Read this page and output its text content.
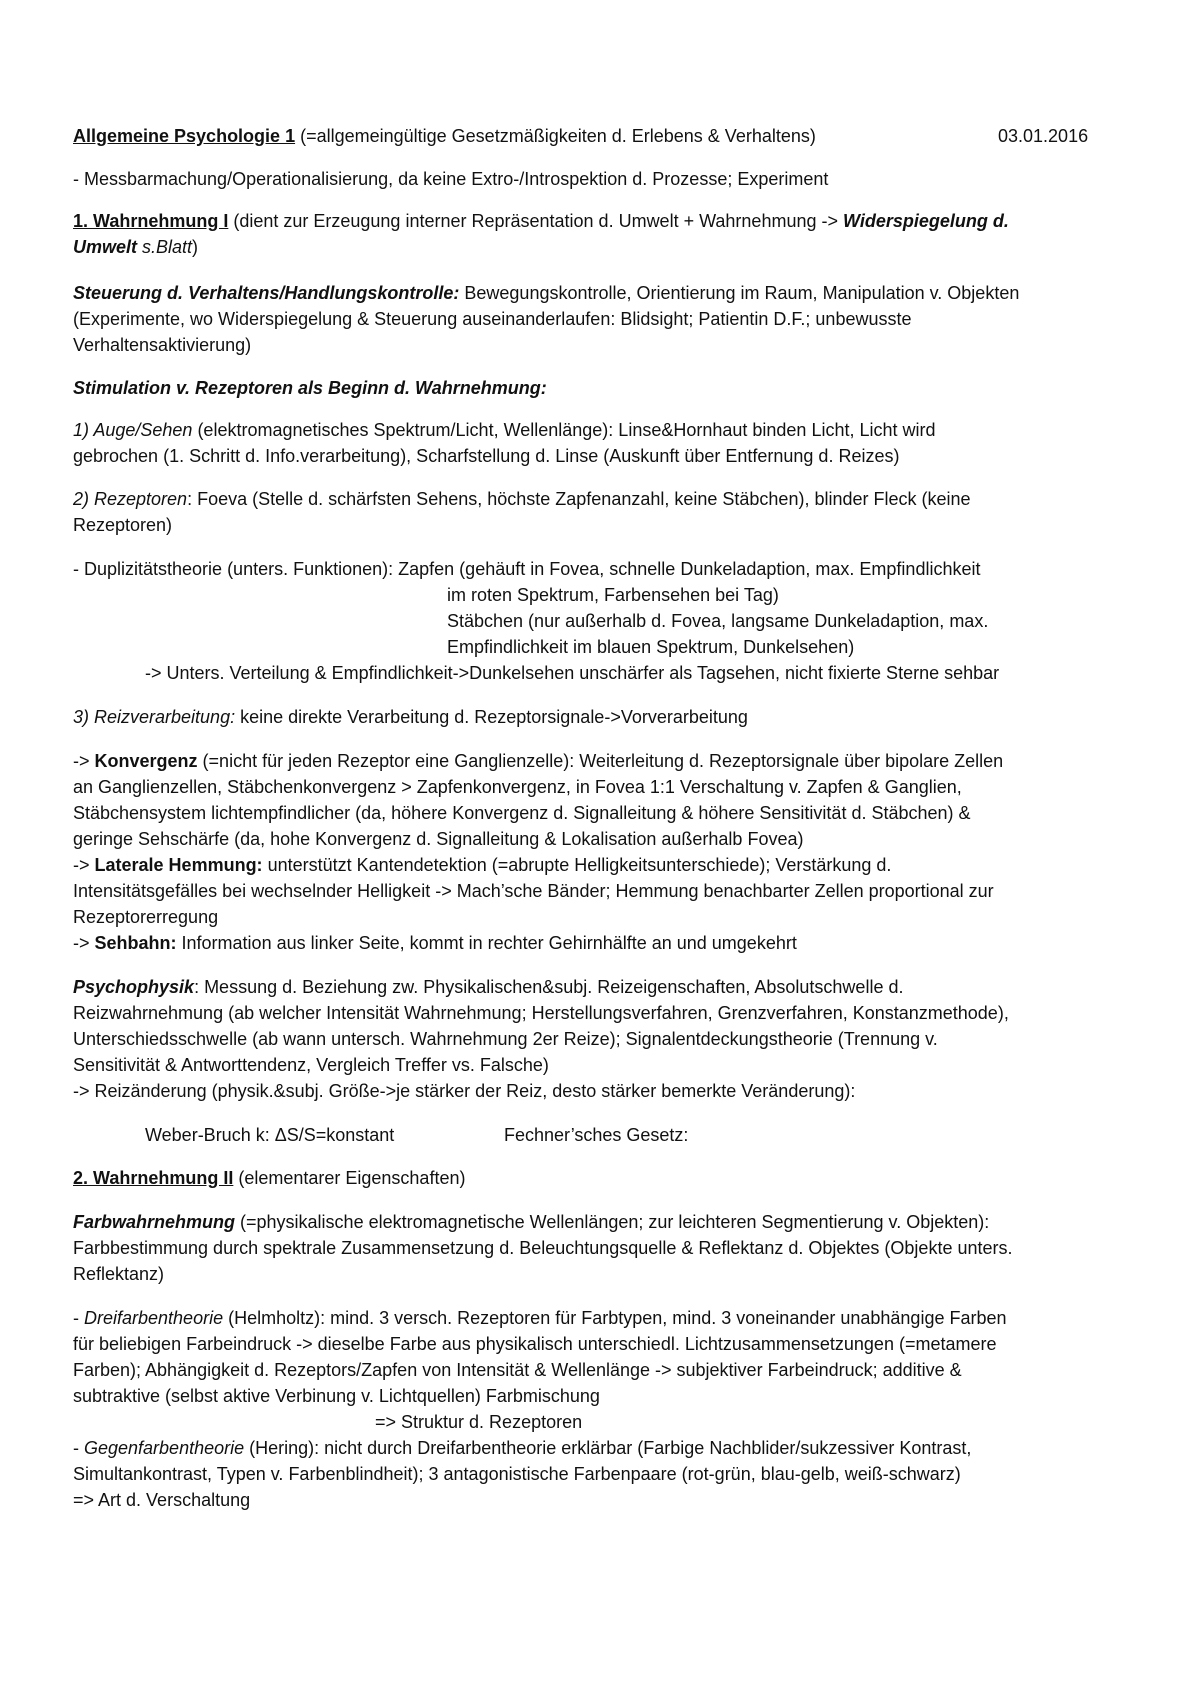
Allgemeine Psychologie 1 (=allgemeingültige Gesetzmäßigkeiten d. Erlebens & Verhaltens)	03.01.2016
- Messbarmachung/Operationalisierung, da keine Extro-/Introspektion d. Prozesse; Experiment
1. Wahrnehmung I (dient zur Erzeugung interner Repräsentation d. Umwelt + Wahrnehmung -> Widerspiegelung d.
Umwelt s.Blatt)
Steuerung d. Verhaltens/Handlungskontrolle: Bewegungskontrolle, Orientierung im Raum, Manipulation v. Objekten
(Experimente, wo Widerspiegelung & Steuerung auseinanderlaufen: Blidsight; Patientin D.F.; unbewusste
Verhaltensaktivierung)
Stimulation v. Rezeptoren als Beginn d. Wahrnehmung:
1) Auge/Sehen (elektromagnetisches Spektrum/Licht, Wellenlänge): Linse&Hornhaut binden Licht, Licht wird
gebrochen (1. Schritt d. Info.verarbeitung), Scharfstellung d. Linse (Auskunft über Entfernung d. Reizes)
2) Rezeptoren: Foeva (Stelle d. schärfsten Sehens, höchste Zapfenanzahl, keine Stäbchen), blinder Fleck (keine
Rezeptoren)
- Duplizitätstheorie (unters. Funktionen): Zapfen (gehäuft in Fovea, schnelle Dunkeladaption, max. Empfindlichkeit
im roten Spektrum, Farbensehen bei Tag)
Stäbchen (nur außerhalb d. Fovea, langsame Dunkeladaption, max.
Empfindlichkeit im blauen Spektrum, Dunkelsehen)
-> Unters. Verteilung & Empfindlichkeit->Dunkelsehen unschärfer als Tagsehen, nicht fixierte Sterne sehbar
3) Reizverarbeitung: keine direkte Verarbeitung d. Rezeptorsignale->Vorverarbeitung
-> Konvergenz (=nicht für jeden Rezeptor eine Ganglienzelle): Weiterleitung d. Rezeptorsignale über bipolare Zellen
an Ganglienzellen, Stäbchenkonvergenz > Zapfenkonvergenz, in Fovea 1:1 Verschaltung v. Zapfen & Ganglien,
Stäbchensystem lichtempfindlicher (da, höhere Konvergenz d. Signalleitung & höhere Sensitivität d. Stäbchen) &
geringe Sehschärfe (da, hohe Konvergenz d. Signalleitung & Lokalisation außerhalb Fovea)
-> Laterale Hemmung: unterstützt Kantendetektion (=abrupte Helligkeitsunterschiede); Verstärkung d.
Intensitätsgefälles bei wechselnder Helligkeit -> Mach’sche Bänder; Hemmung benachbarter Zellen proportional zur
Rezeptorerregung
-> Sehbahn: Information aus linker Seite, kommt in rechter Gehirnhälfte an und umgekehrt
Psychophysik: Messung d. Beziehung zw. Physikalischen&subj. Reizeigenschaften, Absolutschwelle d.
Reizwahrnehmung (ab welcher Intensität Wahrnehmung; Herstellungsverfahren, Grenzverfahren, Konstanzmethode),
Unterschiedsschwelle (ab wann untersch. Wahrnehmung 2er Reize); Signalentdeckungstheorie (Trennung v.
Sensitivität & Antworttendenz, Vergleich Treffer vs. Falsche)
-> Reizänderung (physik.&subj. Größe->je stärker der Reiz, desto stärker bemerkte Veränderung):
Weber-Bruch k: ΔS/S=konstant	Fechner’sches Gesetz:
2. Wahrnehmung II (elementarer Eigenschaften)
Farbwahrnehmung (=physikalische elektromagnetische Wellenlängen; zur leichteren Segmentierung v. Objekten):
Farbbestimmung durch spektrale Zusammensetzung d. Beleuchtungsquelle & Reflektanz d. Objektes (Objekte unters.
Reflektanz)
- Dreifarbentheorie (Helmholtz): mind. 3 versch. Rezeptoren für Farbtypen, mind. 3 voneinander unabhängige Farben
für beliebigen Farbeindruck -> dieselbe Farbe aus physikalisch unterschiedl. Lichtzusammensetzungen (=metamere
Farben); Abhängigkeit d. Rezeptors/Zapfen von Intensität & Wellenlänge -> subjektiver Farbeindruck; additive &
subtraktive (selbst aktive Verbinung v. Lichtquellen) Farbmischung
=> Struktur d. Rezeptoren
- Gegenfarbentheorie (Hering): nicht durch Dreifarbentheorie erklärbar (Farbige Nachblider/sukzessiver Kontrast,
Simultankontrast, Typen v. Farbenblindheit); 3 antagonistische Farbenpaare (rot-grün, blau-gelb, weiß-schwarz)
=> Art d. Verschaltung
